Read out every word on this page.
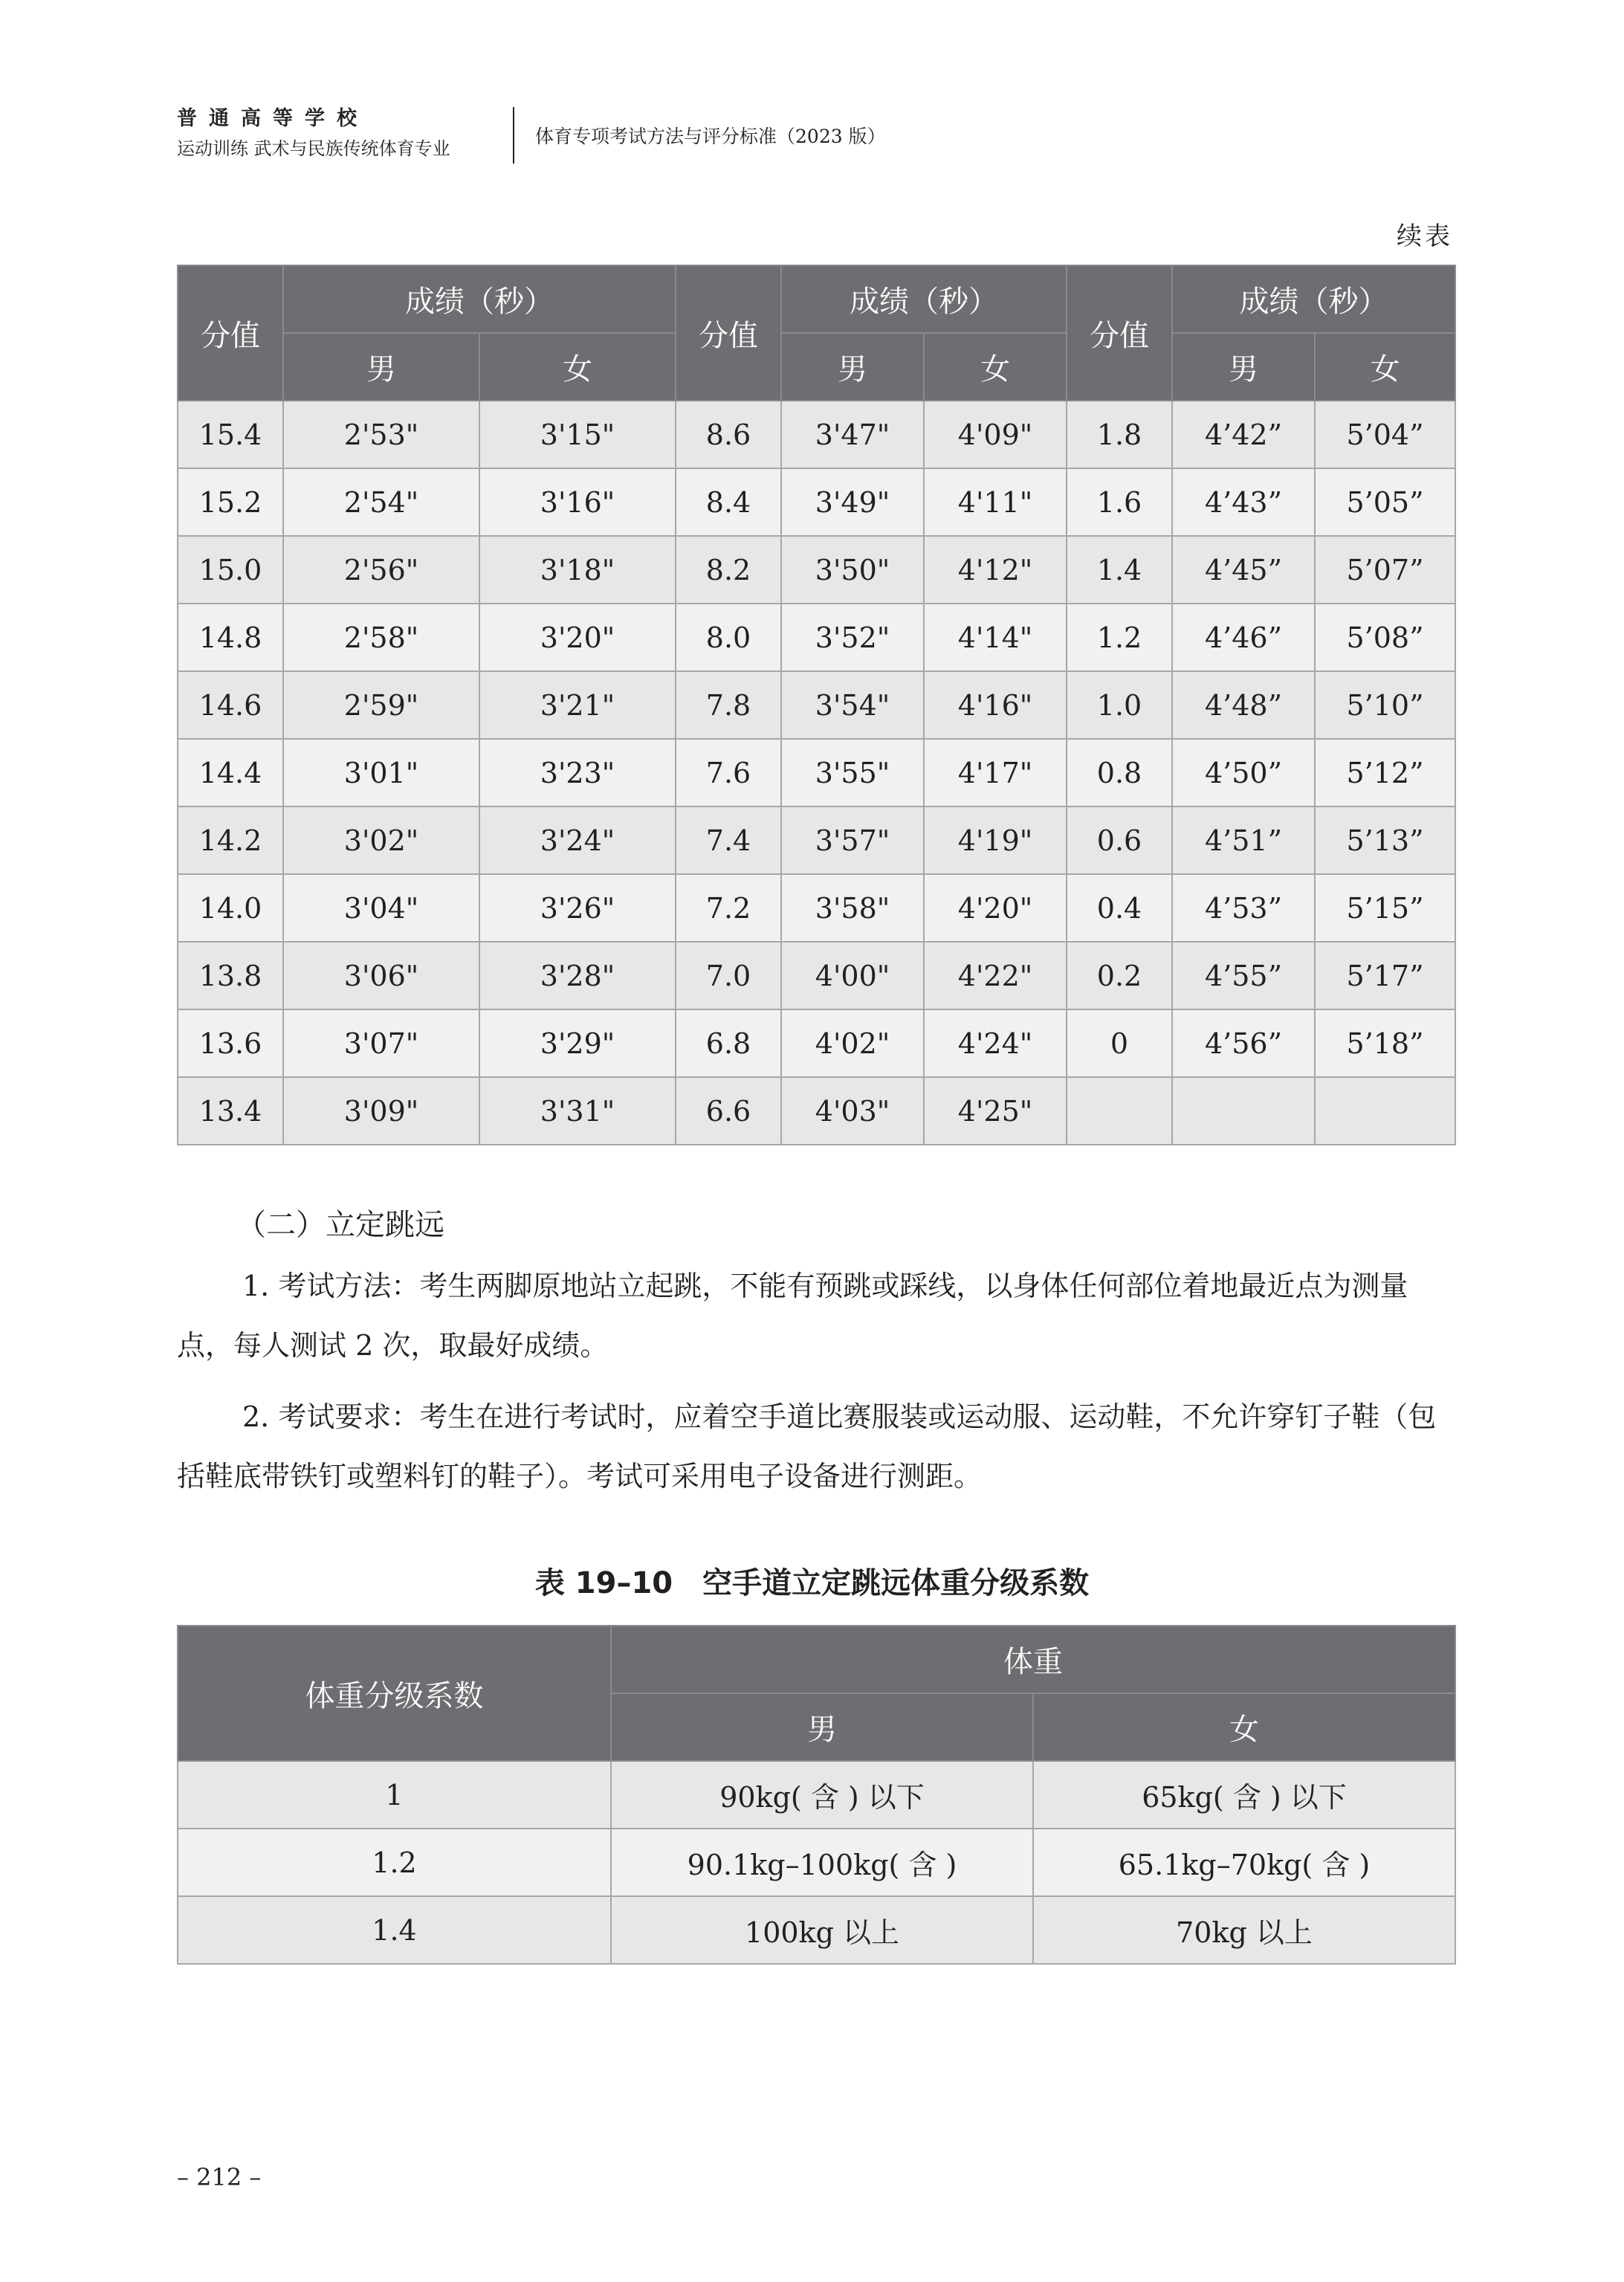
普通高等学校
运动训练 武术与民族传统体育专业
体育专项考试方法与评分标准（2023 版）
续表
分值	成绩（秒）		分值	成绩（秒）		分值	成绩（秒）	
	男	女		男	女		男	女
15.4	2'53"	3'15"	8.6	3'47"	4'09"	1.8	4’42”	5’04”
15.2	2'54"	3'16"	8.4	3'49"	4'11"	1.6	4’43”	5’05”
15.0	2'56"	3'18"	8.2	3'50"	4'12"	1.4	4’45”	5’07”
14.8	2'58"	3'20"	8.0	3'52"	4'14"	1.2	4’46”	5’08”
14.6	2'59"	3'21"	7.8	3'54"	4'16"	1.0	4’48”	5’10”
14.4	3'01"	3'23"	7.6	3'55"	4'17"	0.8	4’50”	5’12”
14.2	3'02"	3'24"	7.4	3'57"	4'19"	0.6	4’51”	5’13”
14.0	3'04"	3'26"	7.2	3'58"	4'20"	0.4	4’53”	5’15”
13.8	3'06"	3'28"	7.0	4'00"	4'22"	0.2	4’55”	5’17”
13.6	3'07"	3'29"	6.8	4'02"	4'24"	0	4’56”	5’18”
13.4	3'09"	3'31"	6.6	4'03"	4'25"			
（二）立定跳远
1. 考试方法：考生两脚原地站立起跳，不能有预跳或踩线，以身体任何部位着地最近点为测量点，每人测试 2 次，取最好成绩。
2. 考试要求：考生在进行考试时，应着空手道比赛服装或运动服、运动鞋，不允许穿钉子鞋（包括鞋底带铁钉或塑料钉的鞋子）。考试可采用电子设备进行测距。
表 19–10　空手道立定跳远体重分级系数
体重分级系数	体重	
	男	女
1	90kg( 含 ) 以下	65kg( 含 ) 以下
1.2	90.1kg–100kg( 含 )	65.1kg–70kg( 含 )
1.4	100kg 以上	70kg 以上
– 212 –
